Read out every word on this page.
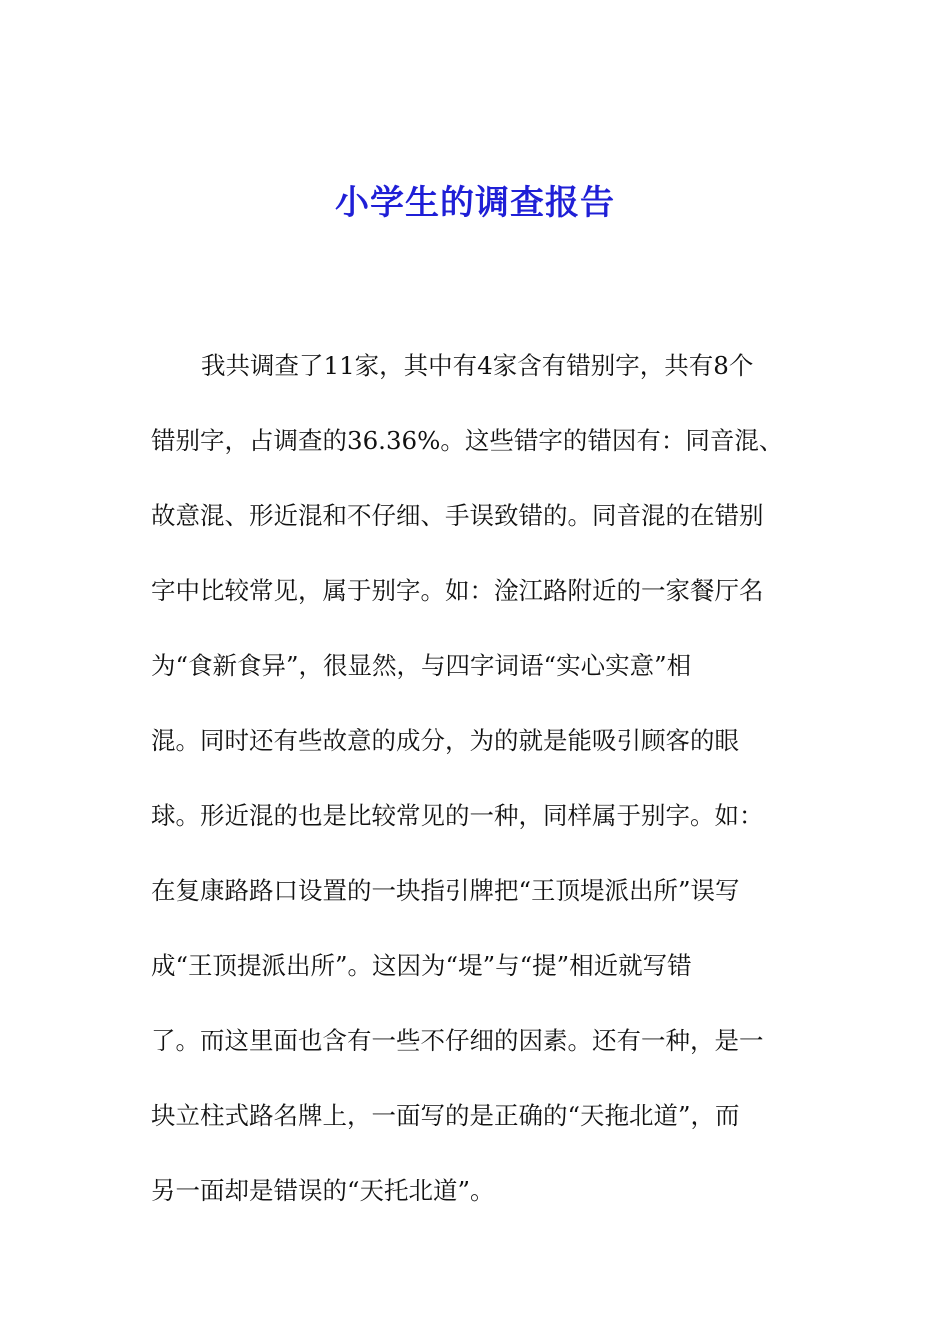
小学生的调查报告
我共调查了11家，其中有4家含有错别字，共有8个
错别字，占调查的36.36%。这些错字的错因有：同音混、
故意混、形近混和不仔细、手误致错的。同音混的在错别
字中比较常见，属于别字。如：淦江路附近的一家餐厅名
为“食新食异”，很显然，与四字词语“实心实意”相
混。同时还有些故意的成分，为的就是能吸引顾客的眼
球。形近混的也是比较常见的一种，同样属于别字。如：
在复康路路口设置的一块指引牌把“王顶堤派出所”误写
成“王顶提派出所”。这因为“堤”与“提”相近就写错
了。而这里面也含有一些不仔细的因素。还有一种，是一
块立柱式路名牌上，一面写的是正确的“天拖北道”，而
另一面却是错误的“天托北道”。
